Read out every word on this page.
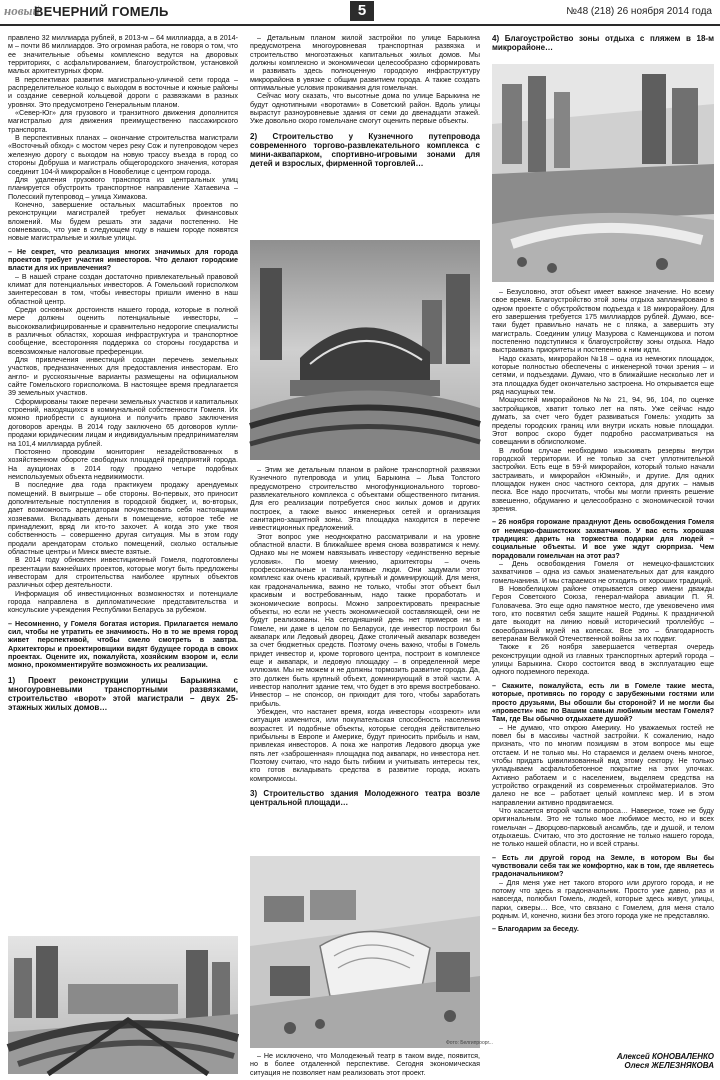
новый
ВЕЧЕРНИЙ ГОМЕЛЬ	5	№48 (218) 26 ноября 2014 года

правлено 32 миллиарда рублей, в 2013-м – 64 миллиарда, а в 2014-м – почти 86 миллиардов. Это огромная работа, не говоря о том, что ее значительные объемы комплексно ведутся на дворовых территориях, с асфальтированием, благоустройством, установкой малых архитектурных форм.

В перспективах развития магистрально-уличной сети города – распределительное кольцо с выходом в восточные и южные районы и создание северной кольцевой дороги с развязками в разных уровнях. Это предусмотрено Генеральным планом.

«Север-Юг» для грузового и транзитного движения дополнится магистралью для движения преимущественно пассажирского транспорта.

В перспективных планах – окончание строительства магистрали «Восточный обход» с мостом через реку Сож и путепроводом через железную дорогу с выходом на новую трассу въезда в город со стороны Добруша и магистраль общегородского значения, которая соединит 104-й микрорайон в Новобелице с центром города.

Для удаления грузового транспорта из центральных улиц планируется обустроить транспортное направление Хатаевича – Полесский путепровод – улица Химакова.

Конечно, завершение остальных масштабных проектов по реконструкции магистралей требует немалых финансовых вложений. Мы будем решать эти задачи постепенно. Не сомневаюсь, что уже в следующем году в нашем городе появятся новые магистральные и жилые улицы.

– Не секрет, что реализация многих значимых для города проектов требует участия инвесторов. Что делают городские власти для их привлечения?

– В нашей стране создан достаточно привлекательный правовой климат для потенциальных инвесторов. А Гомельский горисполком заинтересован в том, чтобы инвесторы пришли именно в наш областной центр.

Среди основных достоинств нашего города, которые в полной мере должны оценить потенциальные инвесторы, – высококвалифицированные и сравнительно недорогие специалисты в различных областях, хорошая инфраструктура и транспортное сообщение, всесторонняя поддержка со стороны государства и всевозможные налоговые преференции.

Для привлечения инвестиций создан перечень земельных участков, предназначенных для предоставления инвесторам. Его англо- и русскоязычные варианты размещены на официальном сайте Гомельского горисполкома. В настоящее время предлагается 39 земельных участков.

Сформированы также перечни земельных участков и капитальных строений, находящихся в коммунальной собственности Гомеля. Их можно приобрести с аукциона и получить право заключения договоров аренды. В 2014 году заключено 65 договоров купли-продажи юридическим лицам и индивидуальным предпринимателям на 101,4 миллиарда рублей.

Постоянно проводим мониторинг незадействованных в хозяйственном обороте свободных площадей предприятий города. На аукционах в 2014 году продано четыре подобных неиспользуемых объекта недвижимости.

В последние два года практикуем продажу арендуемых помещений. В выигрыше – обе стороны. Во-первых, это приносит дополнительные поступления в городской бюджет, и, во-вторых, дает возможность арендаторам почувствовать себя настоящими хозяевами. Вкладывать деньги в помещение, которое тебе не принадлежит, вряд ли кто-то захочет. А когда это уже твоя собственность – совершенно другая ситуация. Мы в этом году продали арендаторам столько помещений, сколько остальные областные центры и Минск вместе взятые.

В 2014 году обновлен инвестиционный Гомеля, подготовлены презентации важнейших проектов, которые могут быть предложены инвесторам для строительства наиболее крупных объектов различных сфер деятельности.

Информация об инвестиционных возможностях и потенциале города направлена в дипломатические представительства и консульские учреждения Республики Беларусь за рубежом.

– Несомненно, у Гомеля богатая история. Прилагается немало сил, чтобы не утратить ее значимость. Но в то же время город живет перспективой, чтобы смело смотреть в завтра. Архитекторы и проектировщики видят будущее города в своих проектах. Оцените их, пожалуйста, хозяйским взором и, если можно, прокомментируйте возможность их реализации.

1) Проект реконструкции улицы Барыкина с многоуровневыми транспортными развязками, строительство «ворот» этой магистрали – двух 25-этажных жилых домов…

– Детальным планом жилой застройки по улице Барыкина предусмотрена многоуровневая транспортная развязка и строительство многоэтажных капитальных жилых домов. Мы должны комплексно и экономически целесообразно сформировать и развивать здесь полноценную городскую инфраструктуру микрорайона в увязке с общим развитием города. А также создать оптимальные условия проживания для гомельчан.

Сейчас могу сказать, что высотные дома по улице Барыкина не будут однотипными «воротами» в Советский район. Вдоль улицы вырастут разноуровневые здания от семи до двенадцати этажей. Уже довольно скоро гомельчане смогут оценить первые объекты.

2) Строительство у Кузнечного путепровода современного торгово-развлекательного комплекса с мини-аквапарком, спортивно-игровыми зонами для детей и взрослых, фирменной торговлей…

– Этим же детальным планом в районе транспортной развязки Кузнечного путепровода и улиц Барыкина – Льва Толстого предусмотрено строительство многофункционального торгово-развлекательного комплекса с объектами общественного питания. Для его реализации потребуется снос жилых домов и других построек, а также вынос инженерных сетей и организация санитарно-защитной зоны. Эта площадка находится в перечне инвестиционных предложений.

Этот вопрос уже неоднократно рассматривали и на уровне областной власти. В ближайшее время снова возвратимся к нему. Однако мы не можем навязывать инвестору «единственно верные условия». По моему мнению, архитекторы – очень профессиональные и талантливые люди. Они задумали этот комплекс как очень красивый, крупный и доминирующий. Для меня, как градоначальника, важно не только, чтобы этот объект был красивым и востребованным, надо также проработать и экономические вопросы. Можно запроектировать прекрасные объекты, но если не учесть экономической составляющей, они не будут реализованы. На сегодняшний день нет примеров ни в Гомеле, ни даже в целом по Беларуси, где инвестор построил бы аквапарк или Ледовый дворец. Даже столичный аквапарк возведен за счет бюджетных средств. Поэтому очень важно, чтобы в Гомель придет инвестор и, кроме торгового центра, построит в комплексе еще и аквапарк, и ледовую площадку – в определенной мере иллюзии. Мы не можем и не должны тормозить развитие города. Да, это должен быть крупный объект, доминирующий в этой части. А инвестор наполнит здание тем, что будет в это время востребовано. Инвестор – не спонсор, он приходит для того, чтобы заработать прибыль.

Убежден, что настанет время, когда инвесторы «созреют» или ситуация изменится, или покупательская способность населения возрастет. И подобные объекты, которые сегодня действительно прибыльны в Европе и Америке, будут приносить прибыль и нам, привлекая инвесторов. А пока же напротив Ледового дворца уже пять лет «заброшенная» площадка под аквапарк, но инвестора нет. Поэтому считаю, что надо быть гибким и учитывать интересы тех, кто готов вкладывать средства в развитие города, искать компромиссы.

3) Строительство здания Молодежного театра возле центральной площади…

Фото: Белгипроорг...

– Не исключено, что Молодежный театр в таком виде, появится, но в более отдаленной перспективе. Сегодня экономическая ситуация не позволяет нам реализовать этот проект.

4) Благоустройство зоны отдыха с пляжем в 18-м микрорайоне…

– Безусловно, этот объект имеет важное значение. Но всему свое время. Благоустройство этой зоны отдыха запланировано в одном проекте с обустройством подъезда к 18 микрорайону. Для его завершения требуется 175 миллиардов рублей. Думаю, все-таки будет правильно начать не с пляжа, а завершить эту магистраль. Соединим улицу Мазурова с Каменщикова и потом постепенно подступимся к благоустройству зоны отдыха. Надо выстраивать приоритеты и постепенно к ним идти.

Надо сказать, микрорайон №18 – одна из немногих площадок, которые полностью обеспечены с инженерной точки зрения – и сетями, и подъездами. Думаю, что в ближайшие несколько лет и эта площадка будет окончательно застроена. Но открывается еще ряд насущных тем.

Мощностей микрорайонов №№ 21, 94, 96, 104, по оценке застройщиков, хватит только лет на пять. Уже сейчас надо думать, за счет чего будет развиваться Гомель: уходить за пределы городских границ или внутри искать новые площадки. Этот вопрос скоро будет подробно рассматриваться на совещании в облисполкоме.

В любом случае необходимо изыскивать резервы внутри городской территории. И не только за счет уплотнительной застройки. Есть еще в 59-й микрорайон, который только начали застраивать, и микрорайон «Южный», и другие. Для одних площадок нужен снос частного сектора, для других – намыв песка. Все надо просчитать, чтобы мы могли принять решение взвешенно, обдуманно и целесообразно с экономической точки зрения.

– 26 ноября горожане празднуют День освобождения Гомеля от немецко-фашистских захватчиков. У вас есть хорошая традиция: дарить на торжества подарки для людей – социальные объекты. И все уже ждут сюрприза. Чем порадовали гомельчан на этот раз?

– День освобождения Гомеля от немецко-фашистских захватчиков – одна из самых знаменательных дат для каждого гомельчанина. И мы стараемся не отходить от хороших традиций.

В Новобелицком районе открывается сквер имени дважды Героя Советского Союза, генерал-майора авиации П. Я. Головачева. Это еще одно памятное место, где увековечено имя того, кто посвятил себя защите нашей Родины. К праздничной дате выходит на линию новый исторический троллейбус – своеобразный музей на колесах. Все это – благодарность ветеранам Великой Отечественной войны за их подвиг.

Также к 26 ноября завершается четвертая очередь реконструкции одной из главных транспортных артерий города – улицы Барыкина. Скоро состоится ввод в эксплуатацию еще одного подземного перехода.

– Скажите, пожалуйста, есть ли в Гомеле такие места, которые, противясь по городу с зарубежными гостями или просто друзьями, Вы обошли бы стороной? И не могли бы «провести» нас по Вашим самым любимым местам Гомеля? Там, где Вы обычно отдыхаете душой?

– Не думаю, что открою Америку. Но уважаемых гостей не повел бы в массивы частной застройки. К сожалению, надо признать, что по многим позициям в этом вопросе мы еще отстаем. И не только мы. Но стараемся и делаем очень многое, чтобы придать цивилизованный вид этому сектору. Не только укладываем асфальтобетонное покрытие на этих улочках. Активно работаем и с населением, выделяем средства на устройство ограждений из современных стройматериалов. Это далеко не все – работает целый комплекс мер. И в этом направлении активно продвигаемся.

Что касается второй части вопроса… Наверное, тоже не буду оригинальным. Это не только мое любимое место, но и всех гомельчан – Дворцово-парковый ансамбль, где и душой, и телом отдыхаешь. Считаю, что это достояние не только нашего города, не только нашей области, но и всей страны.

– Есть ли другой город на Земле, в котором Вы бы чувствовали себя так же комфортно, как в том, где являетесь градоначальником?

– Для меня уже нет такого второго или другого города, и не потому что здесь я градоначальник. Просто уже давно, раз и навсегда, полюбил Гомель, людей, которые здесь живут, улицы, парки, скверы… Все, что связано с Гомелем, для меня стало родным. И, конечно, жизни без этого города уже не представляю.

– Благодарим за беседу.

Алексей КОНОВАЛЕНКО
Олеся ЖЕЛЕЗНЯКОВА
